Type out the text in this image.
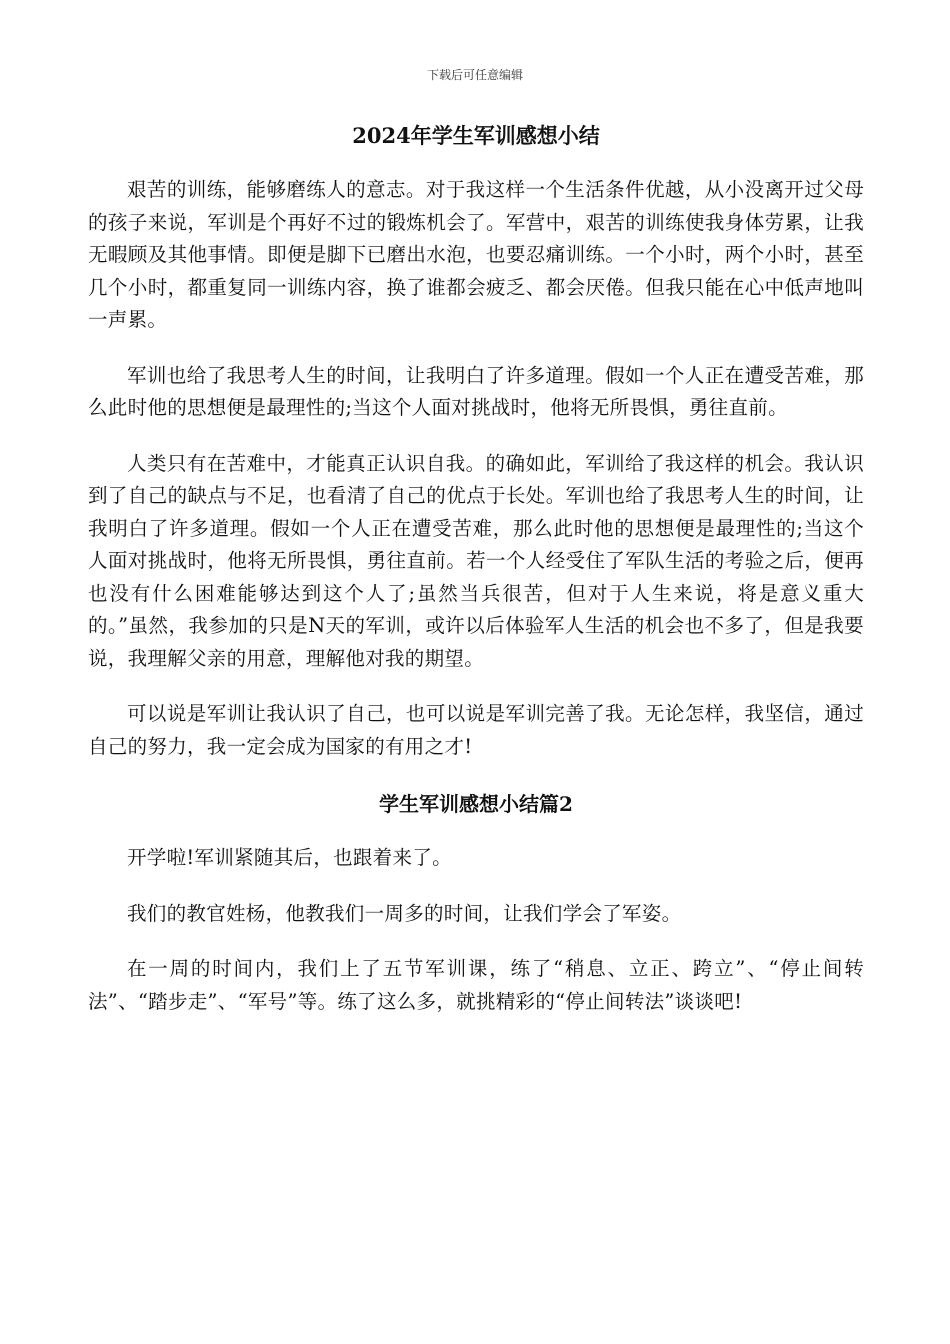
下载后可任意编辑
2024年学生军训感想小结

艰苦的训练，能够磨练人的意志。对于我这样一个生活条件优越，从小没离开过父母的孩子来说，军训是个再好不过的锻炼机会了。军营中，艰苦的训练使我身体劳累，让我无暇顾及其他事情。即便是脚下已磨出水泡，也要忍痛训练。一个小时，两个小时，甚至几个小时，都重复同一训练内容，换了谁都会疲乏、都会厌倦。但我只能在心中低声地叫一声累。

军训也给了我思考人生的时间，让我明白了许多道理。假如一个人正在遭受苦难，那么此时他的思想便是最理性的;当这个人面对挑战时，他将无所畏惧，勇往直前。

人类只有在苦难中，才能真正认识自我。的确如此，军训给了我这样的机会。我认识到了自己的缺点与不足，也看清了自己的优点于长处。军训也给了我思考人生的时间，让我明白了许多道理。假如一个人正在遭受苦难，那么此时他的思想便是最理性的;当这个人面对挑战时，他将无所畏惧，勇往直前。若一个人经受住了军队生活的考验之后，便再也没有什么困难能够达到这个人了;虽然当兵很苦，但对于人生来说，将是意义重大的。”虽然，我参加的只是N天的军训，或许以后体验军人生活的机会也不多了，但是我要说，我理解父亲的用意，理解他对我的期望。

可以说是军训让我认识了自己，也可以说是军训完善了我。无论怎样，我坚信，通过自己的努力，我一定会成为国家的有用之才!

学生军训感想小结篇2

开学啦!军训紧随其后，也跟着来了。

我们的教官姓杨，他教我们一周多的时间，让我们学会了军姿。

在一周的时间内，我们上了五节军训课，练了“稍息、立正、跨立”、“停止间转法”、“踏步走”、“军号”等。练了这么多，就挑精彩的“停止间转法”谈谈吧!
